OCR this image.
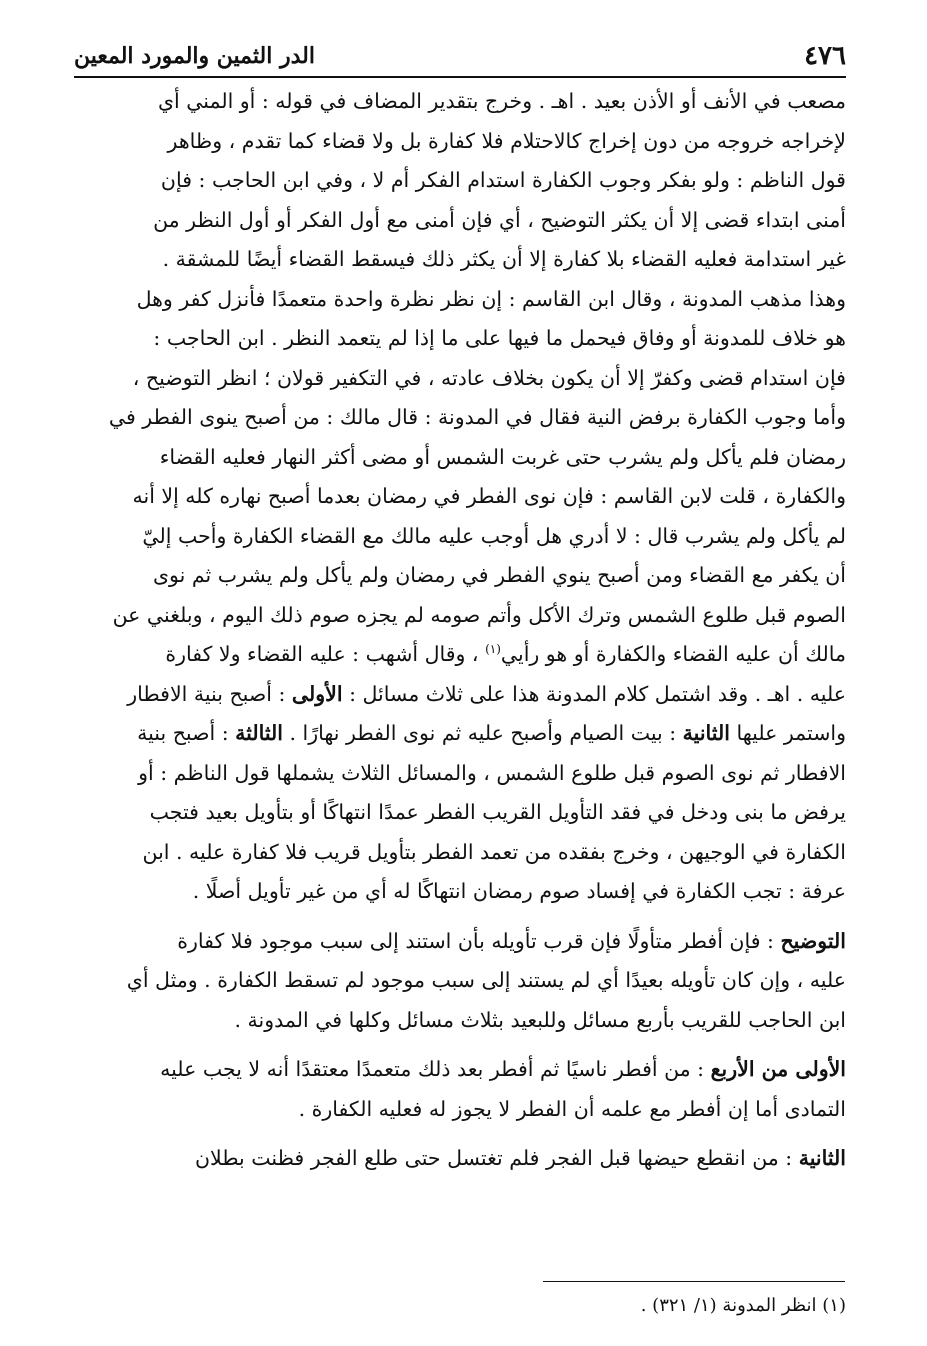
٤٧٦
الدر الثمين والمورد المعين
مصعب في الأنف أو الأذن بعيد . اهـ . وخرج بتقدير المضاف في قوله : أو المني أي
لإخراجه خروجه من دون إخراج كالاحتلام فلا كفارة بل ولا قضاء كما تقدم ، وظاهر
قول الناظم : ولو بفكر وجوب الكفارة استدام الفكر أم لا ، وفي ابن الحاجب : فإن
أمنى ابتداء قضى إلا أن يكثر التوضيح ، أي فإن أمنى مع أول الفكر أو أول النظر من
غير استدامة فعليه القضاء بلا كفارة إلا أن يكثر ذلك فيسقط القضاء أيضًا للمشقة .
وهذا مذهب المدونة ، وقال ابن القاسم : إن نظر نظرة واحدة متعمدًا فأنزل كفر وهل
هو خلاف للمدونة أو وفاق فيحمل ما فيها على ما إذا لم يتعمد النظر . ابن الحاجب :
فإن استدام قضى وكفرّ إلا أن يكون بخلاف عادته ، في التكفير قولان ؛ انظر التوضيح ،
وأما وجوب الكفارة برفض النية فقال في المدونة : قال مالك : من أصبح ينوى الفطر في
رمضان فلم يأكل ولم يشرب حتى غربت الشمس أو مضى أكثر النهار فعليه القضاء
والكفارة ، قلت لابن القاسم : فإن نوى الفطر في رمضان بعدما أصبح نهاره كله إلا أنه
لم يأكل ولم يشرب قال : لا أدري هل أوجب عليه مالك مع القضاء الكفارة وأحب إليّ
أن يكفر مع القضاء ومن أصبح ينوي الفطر في رمضان ولم يأكل ولم يشرب ثم نوى
الصوم قبل طلوع الشمس وترك الأكل وأتم صومه لم يجزه صوم ذلك اليوم ، وبلغني عن
مالك أن عليه القضاء والكفارة أو هو رأيي$^{(١)}$ ، وقال أشهب : عليه القضاء ولا كفارة
عليه . اهـ . وقد اشتمل كلام المدونة هذا على ثلاث مسائل : الأولى : أصبح بنية الافطار
واستمر عليها الثانية : بيت الصيام وأصبح عليه ثم نوى الفطر نهارًا . الثالثة : أصبح بنية
الافطار ثم نوى الصوم قبل طلوع الشمس ، والمسائل الثلاث يشملها قول الناظم : أو
يرفض ما بنى ودخل في فقد التأويل القريب الفطر عمدًا انتهاكًا أو بتأويل بعيد فتجب
الكفارة في الوجيهن ، وخرج بفقده من تعمد الفطر بتأويل قريب فلا كفارة عليه . ابن
عرفة : تجب الكفارة في إفساد صوم رمضان انتهاكًا له أي من غير تأويل أصلًا .
التوضيح : فإن أفطر متأولًا فإن قرب تأويله بأن استند إلى سبب موجود فلا كفارة
عليه ، وإن كان تأويله بعيدًا أي لم يستند إلى سبب موجود لم تسقط الكفارة . ومثل أي
ابن الحاجب للقريب بأربع مسائل وللبعيد بثلاث مسائل وكلها في المدونة .
الأولى من الأربع : من أفطر ناسيًا ثم أفطر بعد ذلك متعمدًا معتقدًا أنه لا يجب عليه
التمادى أما إن أفطر مع علمه أن الفطر لا يجوز له فعليه الكفارة .
الثانية : من انقطع حيضها قبل الفجر فلم تغتسل حتى طلع الفجر فظنت بطلان
(١) انظر المدونة (١/ ٣٢١) .
